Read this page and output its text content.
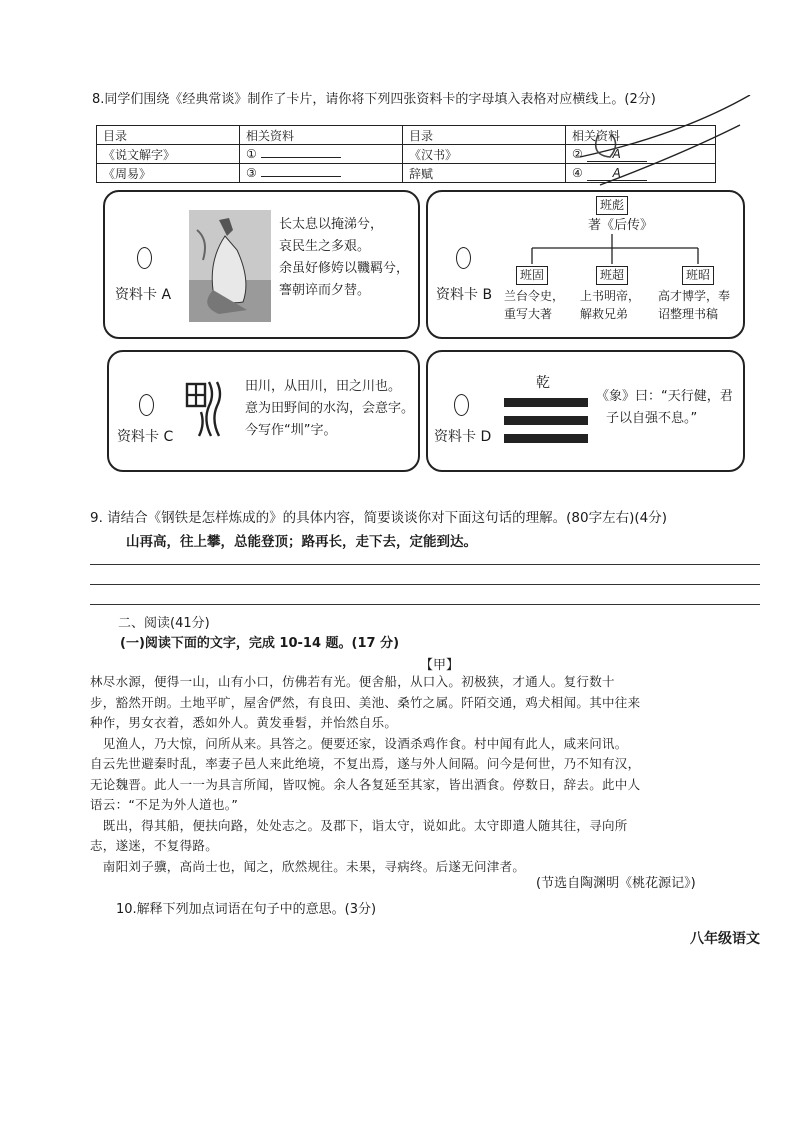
8.同学们围绕《经典常谈》制作了卡片，请你将下列四张资料卡的字母填入表格对应横线上。(2分)
目录	相关资料	目录	相关资料
《说文解字》	①	《汉书》	② A
《周易》	③	辞赋	④ A
资料卡 A
长太息以掩涕兮，
哀民生之多艰。
余虽好修姱以鞿羁兮，
謇朝谇而夕替。	资料卡 B
班彪
著《后传》
班固	班超	班昭
兰台令史，
重写大著
上书明帝，
解救兄弟
高才博学，奉
诏整理书稿
资料卡 C
田川，从田川，田之川也。
意为田野间的水沟，会意字。
今写作“圳”字。	资料卡 D
乾
《象》曰：“天行健，君
子以自强不息。”
9. 请结合《钢铁是怎样炼成的》的具体内容，简要谈谈你对下面这句话的理解。(80字左右)(4分)
山再高，往上攀，总能登顶；路再长，走下去，定能到达。
二、阅读(41分)
(一)阅读下面的文字，完成 10-14 题。(17 分)
【甲】

林尽水源，便得一山，山有小口，仿佛若有光。便舍船，从口入。初极狭，才通人。复行数十

步，豁然开朗。土地平旷，屋舍俨然，有良田、美池、桑竹之属。阡陌交通，鸡犬相闻。其中往来

种作，男女衣着，悉如外人。黄发垂髫，并怡然自乐。

　见渔人，乃大惊，问所从来。具答之。便要还家，设酒杀鸡作食。村中闻有此人，咸来问讯。

自云先世避秦时乱，率妻子邑人来此绝境，不复出焉，遂与外人间隔。问今是何世，乃不知有汉，

无论魏晋。此人一一为具言所闻，皆叹惋。余人各复延至其家，皆出酒食。停数日，辞去。此中人

语云：“不足为外人道也。”

　既出，得其船，便扶向路，处处志之。及郡下，诣太守，说如此。太守即遣人随其往，寻向所

志，遂迷，不复得路。

　南阳刘子骥，高尚士也，闻之，欣然规往。未果，寻病终。后遂无问津者。

(节选自陶渊明《桃花源记》)
10.解释下列加点词语在句子中的意思。(3分)
八年级语文
